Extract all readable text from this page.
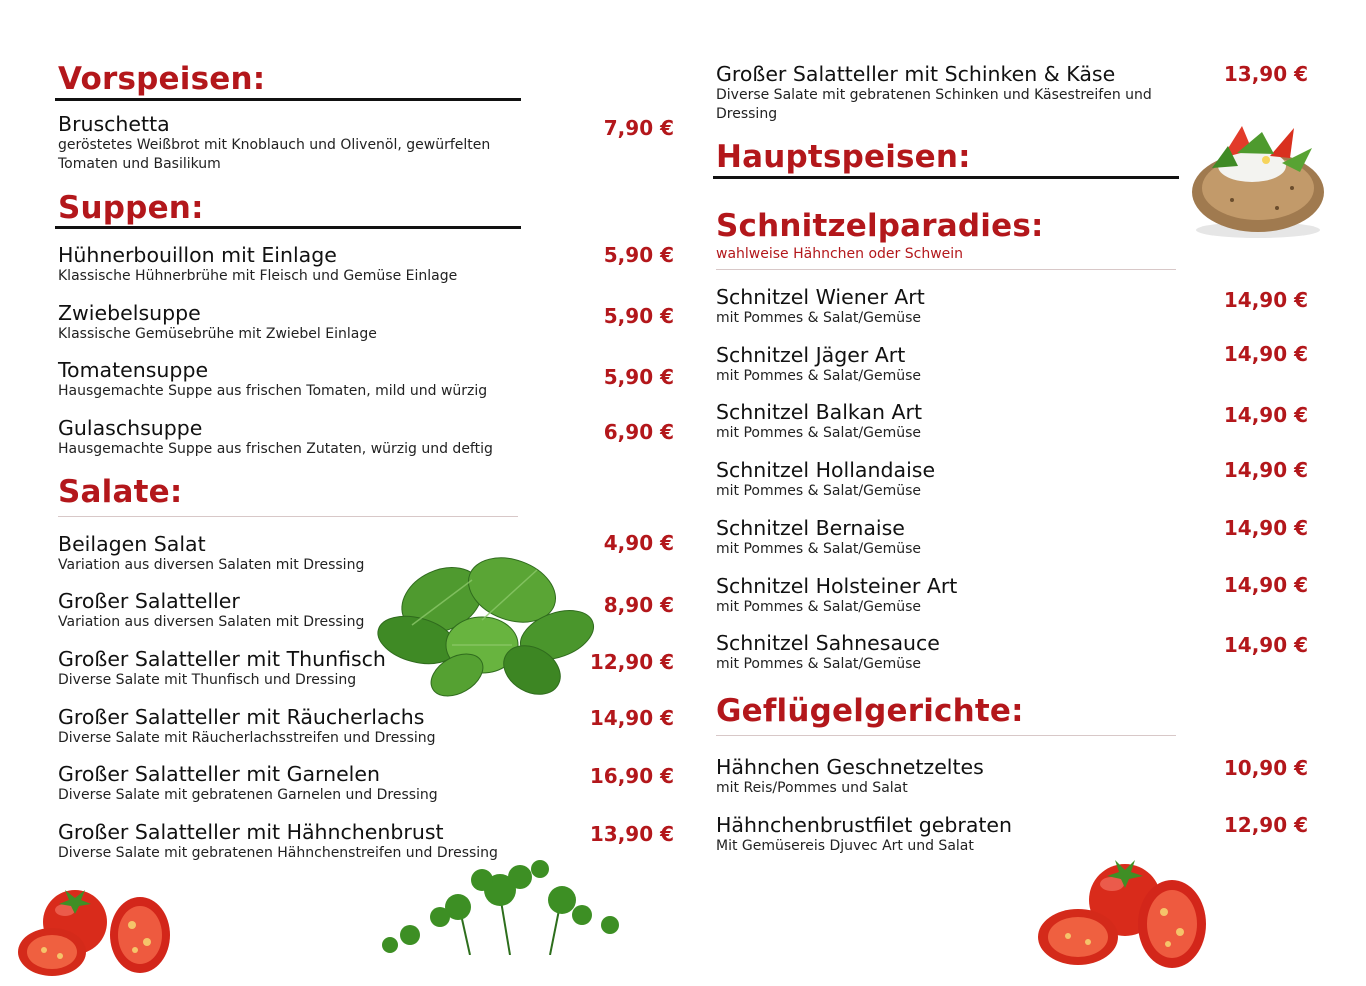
Vorspeisen:
Bruschetta
geröstetes Weißbrot mit Knoblauch und Olivenöl, gewürfelten Tomaten und Basilikum
7,90 €
Suppen:
Hühnerbouillon mit Einlage
Klassische Hühnerbrühe mit Fleisch und Gemüse Einlage
5,90 €
Zwiebelsuppe
Klassische Gemüsebrühe mit Zwiebel Einlage
5,90 €
Tomatensuppe
Hausgemachte Suppe aus frischen Tomaten, mild und würzig
5,90 €
Gulaschsuppe
Hausgemachte Suppe aus frischen Zutaten, würzig und deftig
6,90 €
Salate:
Beilagen Salat
Variation aus diversen Salaten mit Dressing
4,90 €
Großer Salatteller
Variation aus diversen Salaten mit Dressing
8,90 €
Großer Salatteller mit Thunfisch
Diverse Salate mit Thunfisch und Dressing
12,90 €
Großer Salatteller mit Räucherlachs
Diverse Salate mit Räucherlachsstreifen und Dressing
14,90 €
Großer Salatteller mit Garnelen
Diverse Salate mit gebratenen Garnelen und Dressing
16,90 €
Großer Salatteller mit Hähnchenbrust
Diverse Salate mit gebratenen Hähnchenstreifen und Dressing
13,90 €
Großer Salatteller mit Schinken & Käse
Diverse Salate mit gebratenen Schinken und Käsestreifen und Dressing
13,90 €
Hauptspeisen:
Schnitzelparadies:
wahlweise Hähnchen oder Schwein
Schnitzel Wiener Art
mit Pommes & Salat/Gemüse
14,90 €
Schnitzel Jäger Art
mit Pommes & Salat/Gemüse
14,90 €
Schnitzel Balkan Art
mit Pommes & Salat/Gemüse
14,90 €
Schnitzel Hollandaise
mit Pommes & Salat/Gemüse
14,90 €
Schnitzel Bernaise
mit Pommes & Salat/Gemüse
14,90 €
Schnitzel Holsteiner Art
mit Pommes & Salat/Gemüse
14,90 €
Schnitzel Sahnesauce
mit Pommes & Salat/Gemüse
14,90 €
Geflügelgerichte:
Hähnchen Geschnetzeltes
mit Reis/Pommes und Salat
10,90 €
Hähnchenbrustfilet gebraten
Mit Gemüsereis Djuvec Art und Salat
12,90 €
